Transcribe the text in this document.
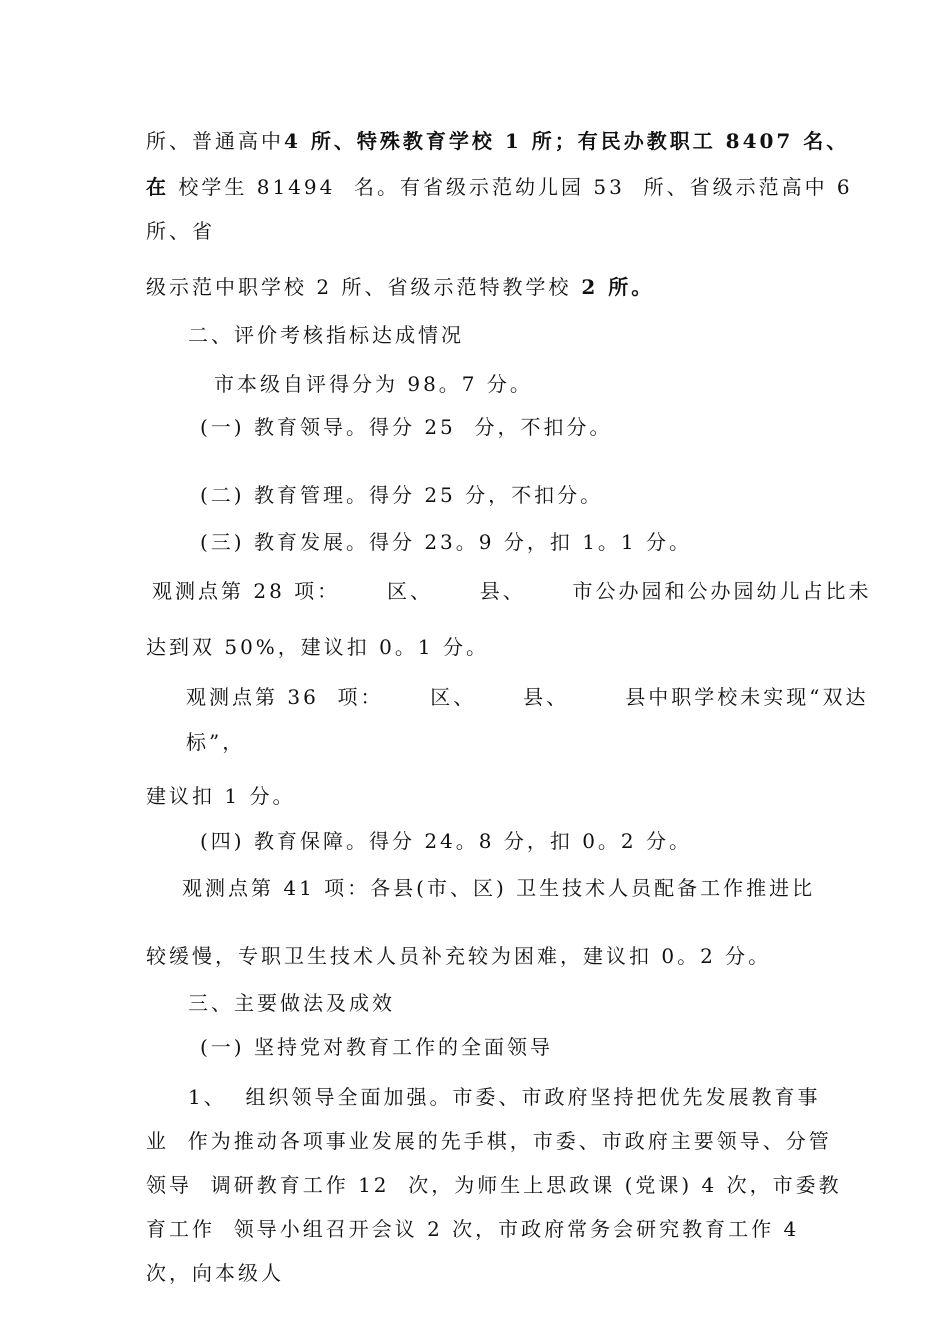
所、普通高中4 所、特殊教育学校 1 所；有民办教职工 8407 名、

在 校学生 81494  名。有省级示范幼儿园 53  所、省级示范高中 6

所、省

级示范中职学校 2 所、省级示范特教学校 2 所。

二、评价考核指标达成情况

市本级自评得分为 98。7 分。

(一) 教育领导。得分 25  分，不扣分。

(二) 教育管理。得分 25 分，不扣分。

(三) 教育发展。得分 23。9 分，扣 1。1 分。

观测点第 28 项：     区、     县、     市公办园和公办园幼儿占比未

达到双 50%，建议扣 0。1 分。

观测点第 36  项：     区、     县、      县中职学校未实现“双达

标”，

建议扣 1 分。

(四) 教育保障。得分 24。8 分，扣 0。2 分。

观测点第 41 项：各县(市、区) 卫生技术人员配备工作推进比

较缓慢，专职卫生技术人员补充较为困难，建议扣 0。2 分。

三、主要做法及成效

(一) 坚持党对教育工作的全面领导

1、  组织领导全面加强。市委、市政府坚持把优先发展教育事

业  作为推动各项事业发展的先手棋，市委、市政府主要领导、分管

领导  调研教育工作 12  次，为师生上思政课 (党课) 4 次，市委教

育工作  领导小组召开会议 2 次，市政府常务会研究教育工作 4

次，向本级人
